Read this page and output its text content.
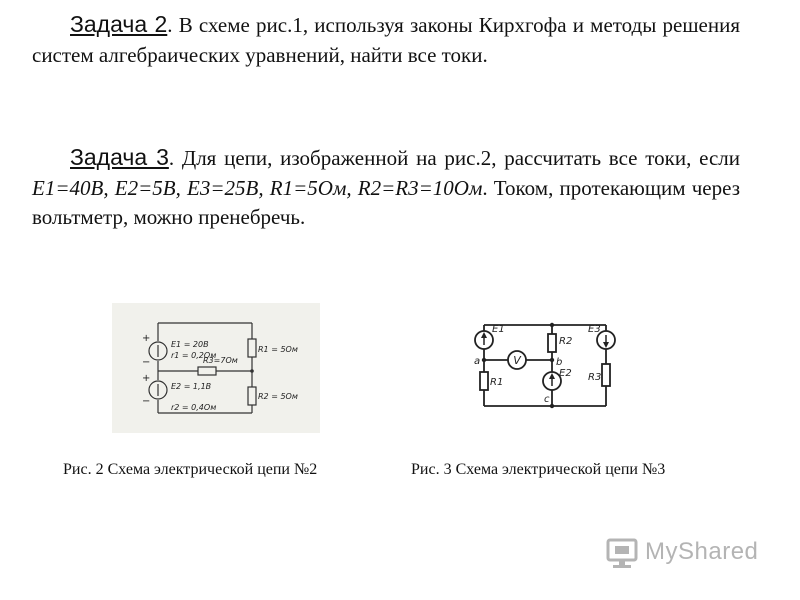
Задача 2. В схеме рис.1, используя законы Кирхгофа и методы решения систем алгебраических уравнений, найти все токи.
Задача 3. Для цепи, изображенной на рис.2, рассчитать все токи, если E1=40В, E2=5В, E3=25В, R1=5Ом, R2=R3=10Ом. Током, протекающим через вольтметр, можно пренебречь.
+
−
+
−
E1 = 20В
r1 = 0,2Ом
R3=7Ом
R1 = 5Ом
E2 = 1,1В
r2 = 0,4Ом
R2 = 5Ом
V
E1
R2
E3
a	b
E2
R1	R3
c
Рис. 2 Схема электрической цепи №2	Рис. 3 Схема электрической цепи №3
MyShared
